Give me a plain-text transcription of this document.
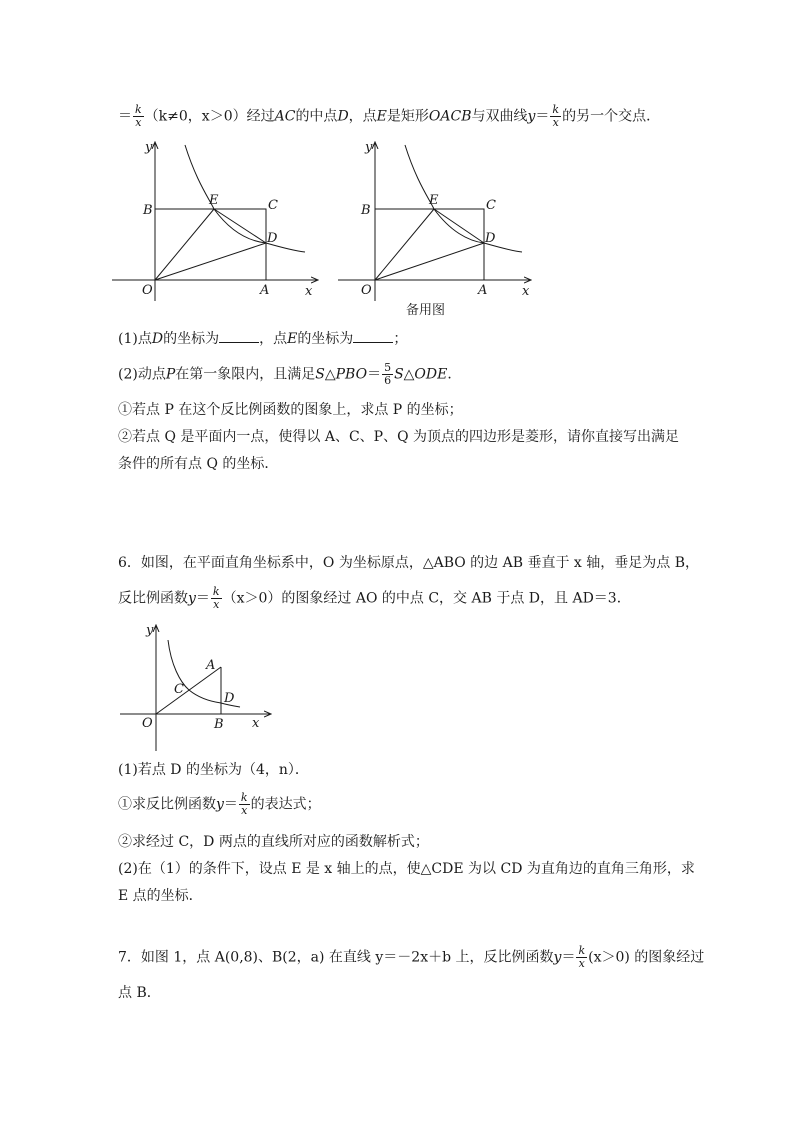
＝ $\frac{k}{x} (k\ne 0$，x＞0）经过AC的中点D，点E是矩形OACB与双曲线$y= \frac{k}{x}$ 的另一个交点．
y
B
E	C
D
O	A	x
y
B
E	C
D
O	A	x
备用图
(1)点D的坐标为	，点E的坐标为	；
(2)动点P在第一象限内，且满足S△PBO＝ $\frac{5}{6}$ S△ODE．
①若点 P 在这个反比例函数的图象上，求点 P 的坐标；
②若点 Q 是平面内一点，使得以 A、C、P、Q 为顶点的四边形是菱形，请你直接写出满足
条件的所有点 Q 的坐标．
6．如图，在平面直角坐标系中，O 为坐标原点，△ABO 的边 AB 垂直于 x 轴，垂足为点 B，
反比例函数$y= \frac{k}{x} (x>0)$的图象经过 AO 的中点 C，交 AB 于点 D，且 AD＝3．
y
A
C
D
O	B x
(1)若点 D 的坐标为（4，n）．
①求反比例函数$y= \frac{k}{x}$ 的表达式；
②求经过 C，D 两点的直线所对应的函数解析式；
(2)在（1）的条件下，设点 E 是 x 轴上的点，使△CDE 为以 CD 为直角边的直角三角形，求
E 点的坐标．
7．如图 1，点 A(0,8)、B(2，a) 在直线 y＝－2x＋b 上，反比例函数$y= \frac{k}{x} (x>0)$ 的图象经过
点 B．
